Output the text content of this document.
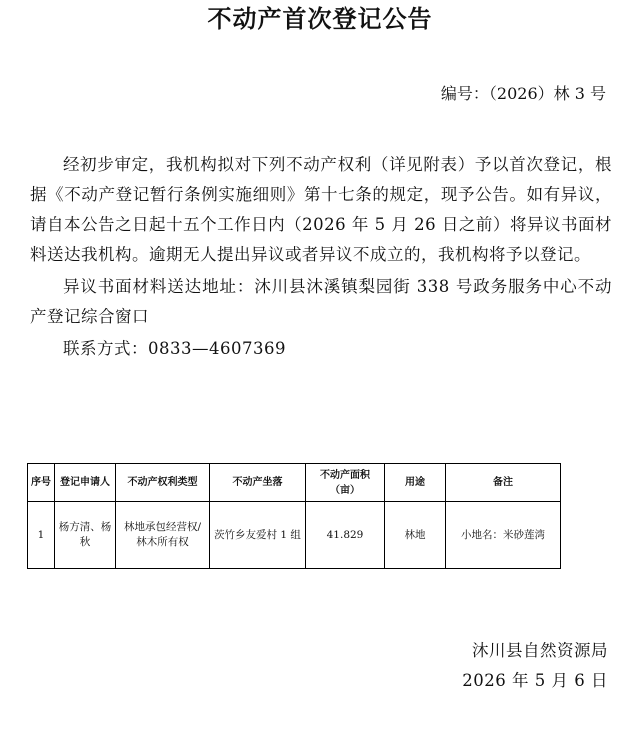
不动产首次登记公告
编号：（2026）林 3 号

经初步审定，我机构拟对下列不动产权利（详见附表）予以首次登记，根据《不动产登记暂行条例实施细则》第十七条的规定，现予公告。如有异议，请自本公告之日起十五个工作日内（2026 年 5 月 26 日之前）将异议书面材料送达我机构。逾期无人提出异议或者异议不成立的，我机构将予以登记。

异议书面材料送达地址：沐川县沐溪镇梨园街 338 号政务服务中心不动产登记综合窗口

联系方式：0833—4607369

序号	登记申请人	不动产权利类型	不动产坐落	不动产面积（亩）	用途	备注
1	杨方清、杨秋	林地承包经营权/林木所有权	茨竹乡友爱村 1 组	41.829	林地	小地名：米砂莲湾
沐川县自然资源局
2026 年 5 月 6 日
